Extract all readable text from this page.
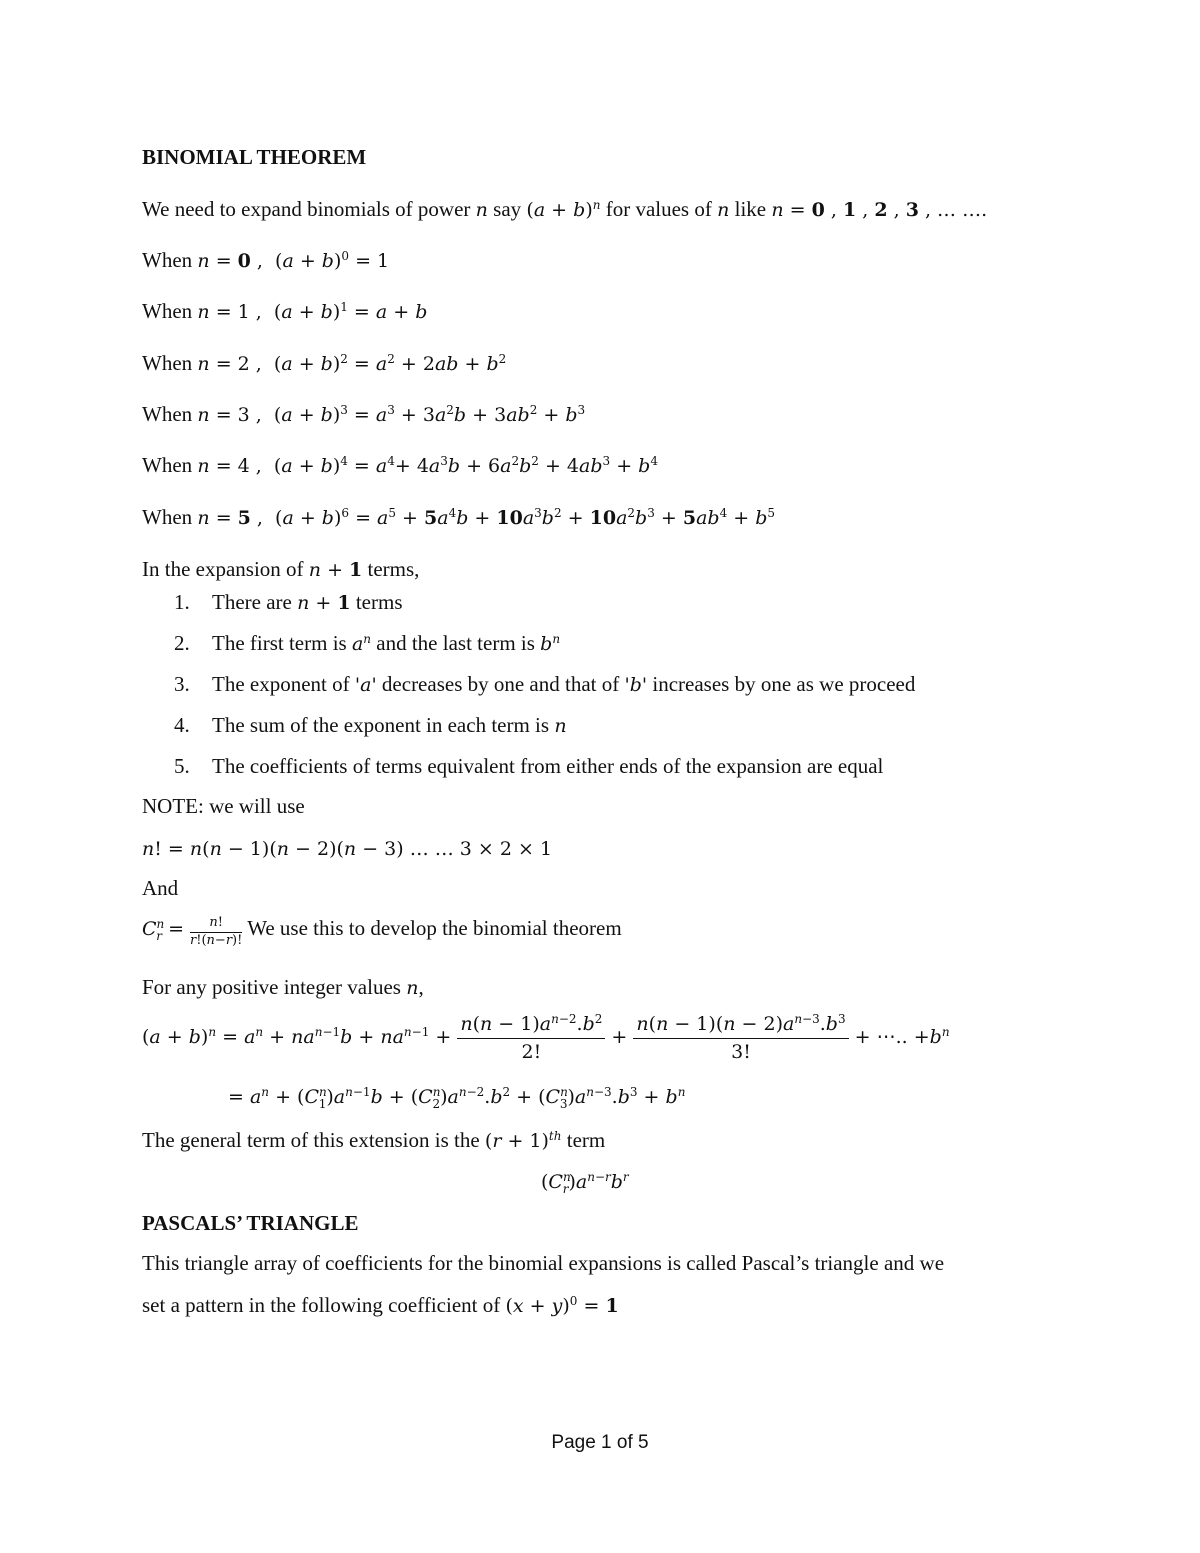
BINOMIAL THEOREM
We need to expand binomials of power n say $(a + b)^n$ for values of n like n = 0 , 1 , 2 , 3 , … ….
When n = 0 ,  $(a + b)^0 = 1$
When n = 1 ,  $(a + b)^1 = a + b$
When n = 2 ,  $(a + b)^2 = a^2 + 2ab + b^2$
When n = 3 ,  $(a + b)^3 = a^3 + 3a^2b + 3ab^2 + b^3$
When n = 4 ,  $(a + b)^4 = a^4+ 4a^3b + 6a^2b^2 + 4ab^3 + b^4$
When n = 5 ,  $(a + b)^6 = a^5 + 5a^4b + 10a^3b^2 + 10a^2b^3 + 5ab^4 + b^5$
In the expansion of n + 1 terms,
1. There are n + 1 terms
2. The first term is $a^n$ and the last term is $b^n$
3. The exponent of 'a' decreases by one and that of 'b' increases by one as we proceed
4. The sum of the exponent in each term is n
5. The coefficients of terms equivalent from either ends of the expansion are equal
NOTE: we will use
n! = n(n − 1)(n − 2)(n − 3) … … 3 × 2 × 1
And
$C^n_r = \frac{n!}{r!(n-r)!}$ We use this to develop the binomial theorem
For any positive integer values n,
$(a + b)^n = a^n + na^{n-1}b + na^{n-1} + \frac{n(n - 1)a^{n-2}.b^2}{2!} + \frac{n(n - 1)(n - 2)a^{n-3}.b^3}{3!}$ + ⋯.. $+b^n$
= $a^n + (C^n_1)a^{n-1}b + (C^n_2)a^{n-2}.b^2 + (C^n_3)a^{n-3}.b^3 + b^n$
The general term of this extension is the $(r + 1)^{th}$ term
$(C^n_r)a^{n-r}b^r$
PASCALS’ TRIANGLE
This triangle array of coefficients for the binomial expansions is called Pascal’s triangle and we
set a pattern in the following coefficient of $(x + y)^0 = 1$
Page 1 of 5
